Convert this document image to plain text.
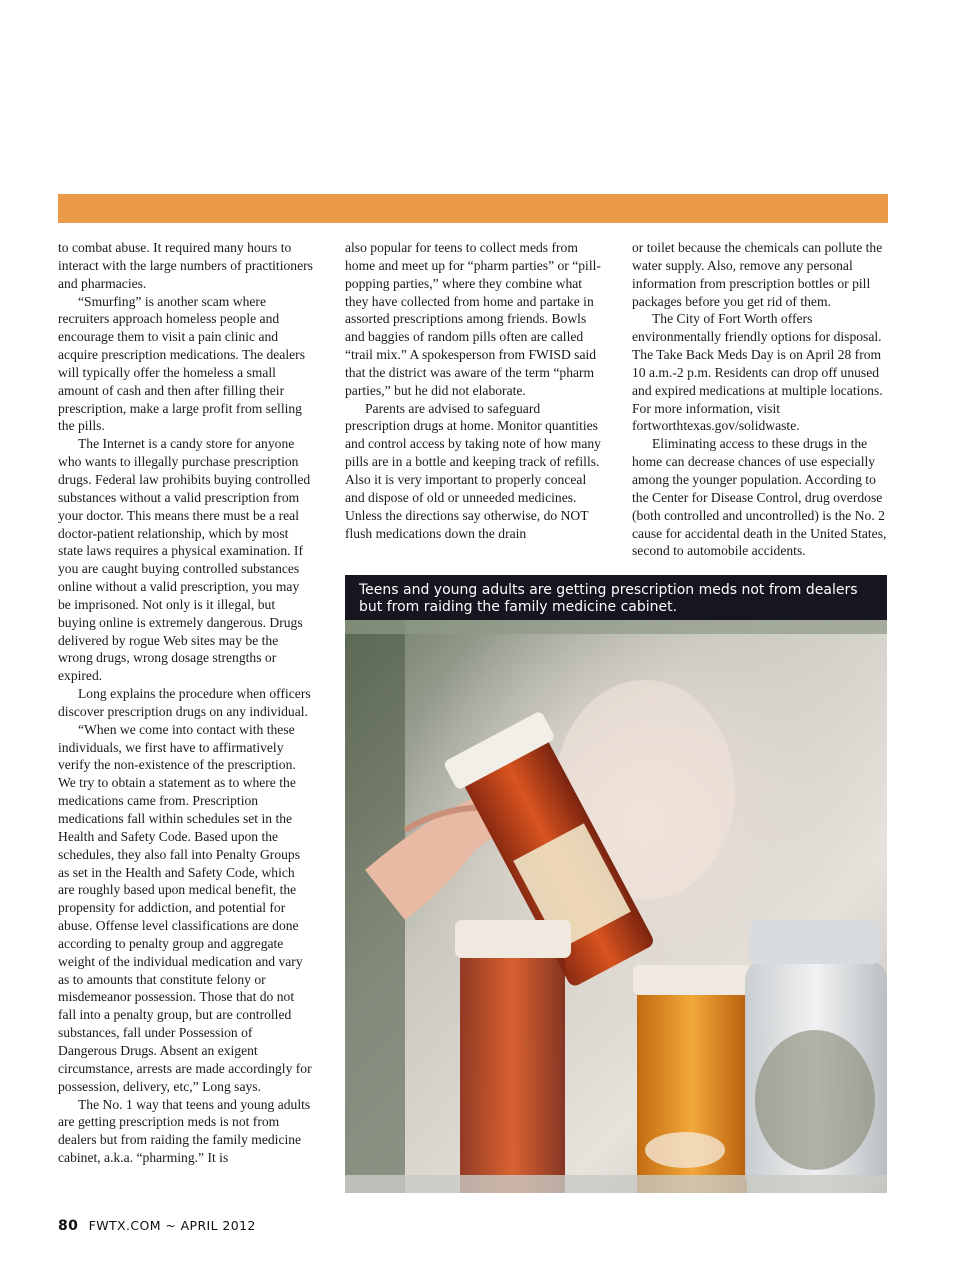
to combat abuse. It required many hours to interact with the large numbers of practitioners and pharmacies.

“Smurfing” is another scam where recruiters approach homeless people and encourage them to visit a pain clinic and acquire prescription medications. The dealers will typically offer the homeless a small amount of cash and then after filling their prescription, make a large profit from selling the pills.

The Internet is a candy store for anyone who wants to illegally purchase prescription drugs. Federal law prohibits buying controlled substances without a valid prescription from your doctor. This means there must be a real doctor-patient relationship, which by most state laws requires a physical examination. If you are caught buying controlled substances online without a valid prescription, you may be imprisoned. Not only is it illegal, but buying online is extremely dangerous. Drugs delivered by rogue Web sites may be the wrong drugs, wrong dosage strengths or expired.

Long explains the procedure when officers discover prescription drugs on any individual.

“When we come into contact with these individuals, we first have to affirmatively verify the non-existence of the prescription. We try to obtain a statement as to where the medications came from. Prescription medications fall within schedules set in the Health and Safety Code. Based upon the schedules, they also fall into Penalty Groups as set in the Health and Safety Code, which are roughly based upon medical benefit, the propensity for addiction, and potential for abuse. Offense level classifications are done according to penalty group and aggregate weight of the individual medication and vary as to amounts that constitute felony or misdemeanor possession. Those that do not fall into a penalty group, but are controlled substances, fall under Possession of Dangerous Drugs. Absent an exigent circumstance, arrests are made accordingly for possession, delivery, etc,” Long says.

The No. 1 way that teens and young adults are getting prescription meds is not from dealers but from raiding the family medicine cabinet, a.k.a. “pharming.” It is

also popular for teens to collect meds from home and meet up for “pharm parties” or “pill-popping parties,” where they combine what they have collected from home and partake in assorted prescriptions among friends. Bowls and baggies of random pills often are called “trail mix.” A spokesperson from FWISD said that the district was aware of the term “pharm parties,” but he did not elaborate.

Parents are advised to safeguard prescription drugs at home. Monitor quantities and control access by taking note of how many pills are in a bottle and keeping track of refills. Also it is very important to properly conceal and dispose of old or unneeded medicines. Unless the directions say otherwise, do NOT flush medications down the drain

or toilet because the chemicals can pollute the water supply. Also, remove any personal information from prescription bottles or pill packages before you get rid of them.

The City of Fort Worth offers environmentally friendly options for disposal. The Take Back Meds Day is on April 28 from 10 a.m.-2 p.m. Residents can drop off unused and expired medications at multiple locations. For more information, visit fortworthtexas.gov/solidwaste.

Eliminating access to these drugs in the home can decrease chances of use especially among the younger population. According to the Center for Disease Control, drug overdose (both controlled and uncontrolled) is the No. 2 cause for accidental death in the United States, second to automobile accidents.

Teens and young adults are getting prescription meds not from dealers but from raiding the family medicine cabinet.
80 FWTX.COM ~ APRIL 2012
